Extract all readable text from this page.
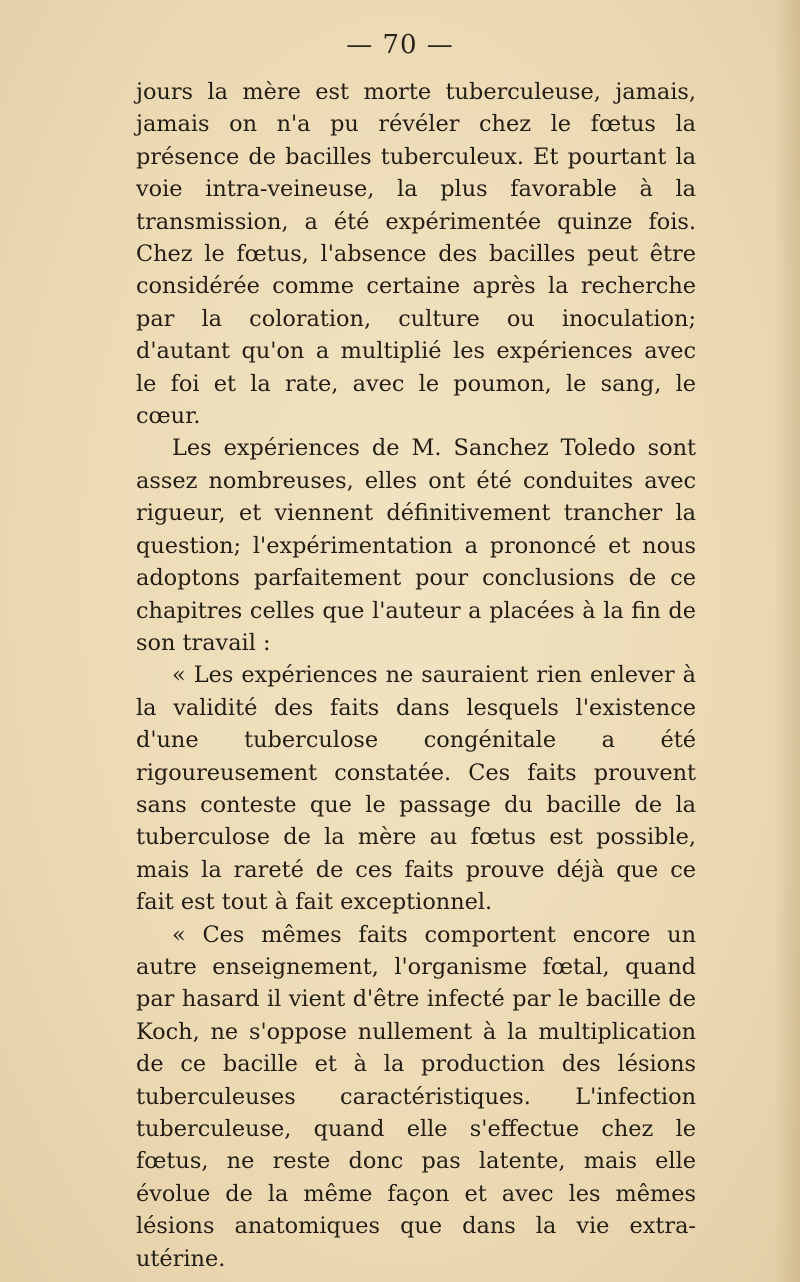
— 70 —

jours la mère est morte tuberculeuse, jamais, jamais on n'a pu révéler chez le fœtus la présence de bacilles tuberculeux. Et pourtant la voie intra-veineuse, la plus favorable à la transmission, a été expérimentée quinze fois. Chez le fœtus, l'absence des bacilles peut être considérée comme certaine après la recherche par la coloration, culture ou inoculation; d'autant qu'on a multiplié les expériences avec le foi et la rate, avec le poumon, le sang, le cœur.

Les expériences de M. Sanchez Toledo sont assez nombreuses, elles ont été conduites avec rigueur, et viennent définitivement trancher la question; l'expérimentation a prononcé et nous adoptons parfaitement pour conclusions de ce chapitres celles que l'auteur a placées à la fin de son travail :

« Les expériences ne sauraient rien enlever à la validité des faits dans lesquels l'existence d'une tuberculose congénitale a été rigoureusement constatée. Ces faits prouvent sans conteste que le passage du bacille de la tuberculose de la mère au fœtus est possible, mais la rareté de ces faits prouve déjà que ce fait est tout à fait exceptionnel.

« Ces mêmes faits comportent encore un autre enseignement, l'organisme fœtal, quand par hasard il vient d'être infecté par le bacille de Koch, ne s'oppose nullement à la multiplication de ce bacille et à la production des lésions tuberculeuses caractéristiques. L'infection tuberculeuse, quand elle s'effectue chez le fœtus, ne reste donc pas latente, mais elle évolue de la même façon et avec les mêmes lésions anatomiques que dans la vie extra-utérine.
